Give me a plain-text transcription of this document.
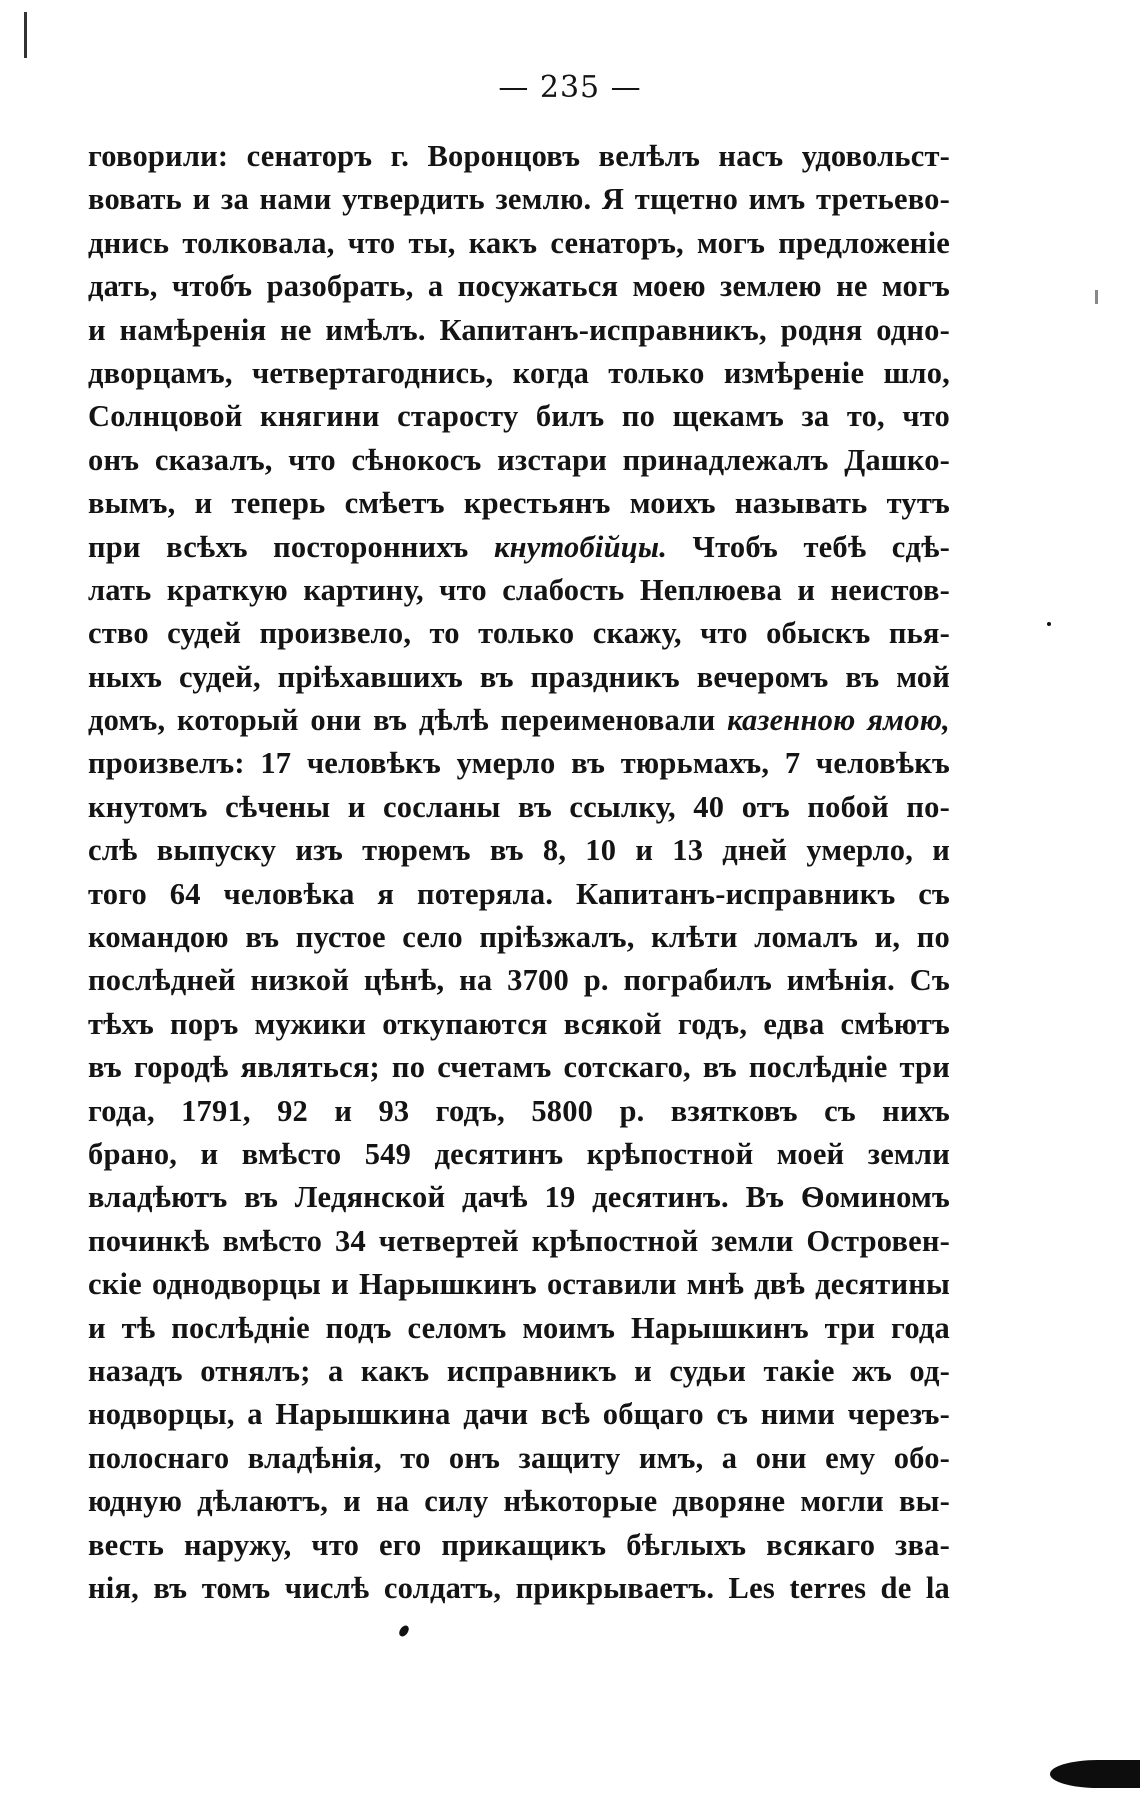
— 235 —
говорили: сенаторъ г. Воронцовъ велѣлъ насъ удовольст-
вовать и за нами утвердить землю. Я тщетно имъ третьево-
днись толковала, что ты, какъ сенаторъ, могъ предложеніе
дать, чтобъ разобрать, а посужаться моею землею не могъ
и намѣренія не имѣлъ. Капитанъ-исправникъ, родня одно-
дворцамъ, четвертагоднись, когда только измѣреніе шло,
Солнцовой княгини старосту билъ по щекамъ за то, что
онъ сказалъ, что сѣнокосъ изстари принадлежалъ Дашко-
вымъ, и теперь смѣетъ крестьянъ моихъ называть тутъ
при всѣхъ постороннихъ кнутобійцы. Чтобъ тебѣ сдѣ-
лать краткую картину, что слабость Неплюева и неистов-
ство судей произвело, то только скажу, что обыскъ пья-
ныхъ судей, пріѣхавшихъ въ праздникъ вечеромъ въ мой
домъ, который они въ дѣлѣ переименовали казенною ямою,
произвелъ: 17 человѣкъ умерло въ тюрьмахъ, 7 человѣкъ
кнутомъ сѣчены и сосланы въ ссылку, 40 отъ побой по-
слѣ выпуску изъ тюремъ въ 8, 10 и 13 дней умерло, и
того 64 человѣка я потеряла. Капитанъ-исправникъ съ
командою въ пустое село пріѣзжалъ, клѣти ломалъ и, по
послѣдней низкой цѣнѣ, на 3700 р. пограбилъ имѣнія. Съ
тѣхъ поръ мужики откупаются всякой годъ, едва смѣютъ
въ городѣ являться; по счетамъ сотскаго, въ послѣдніе три
года, 1791, 92 и 93 годъ, 5800 р. взятковъ съ нихъ
брано, и вмѣсто 549 десятинъ крѣпостной моей земли
владѣютъ въ Ледянской дачѣ 19 десятинъ. Въ Ѳоминомъ
починкѣ вмѣсто 34 четвертей крѣпостной земли Островен-
скіе однодворцы и Нарышкинъ оставили мнѣ двѣ десятины
и тѣ послѣдніе подъ селомъ моимъ Нарышкинъ три года
назадъ отнялъ; а какъ исправникъ и судьи такіе жъ од-
нодворцы, а Нарышкина дачи всѣ общаго съ ними черезъ-
полоснаго владѣнія, то онъ защиту имъ, а они ему обо-
юдную дѣлаютъ, и на силу нѣкоторые дворяне могли вы-
весть наружу, что его прикащикъ бѣглыхъ всякаго зва-
нія, въ томъ числѣ солдатъ, прикрываетъ. Les terres de la
